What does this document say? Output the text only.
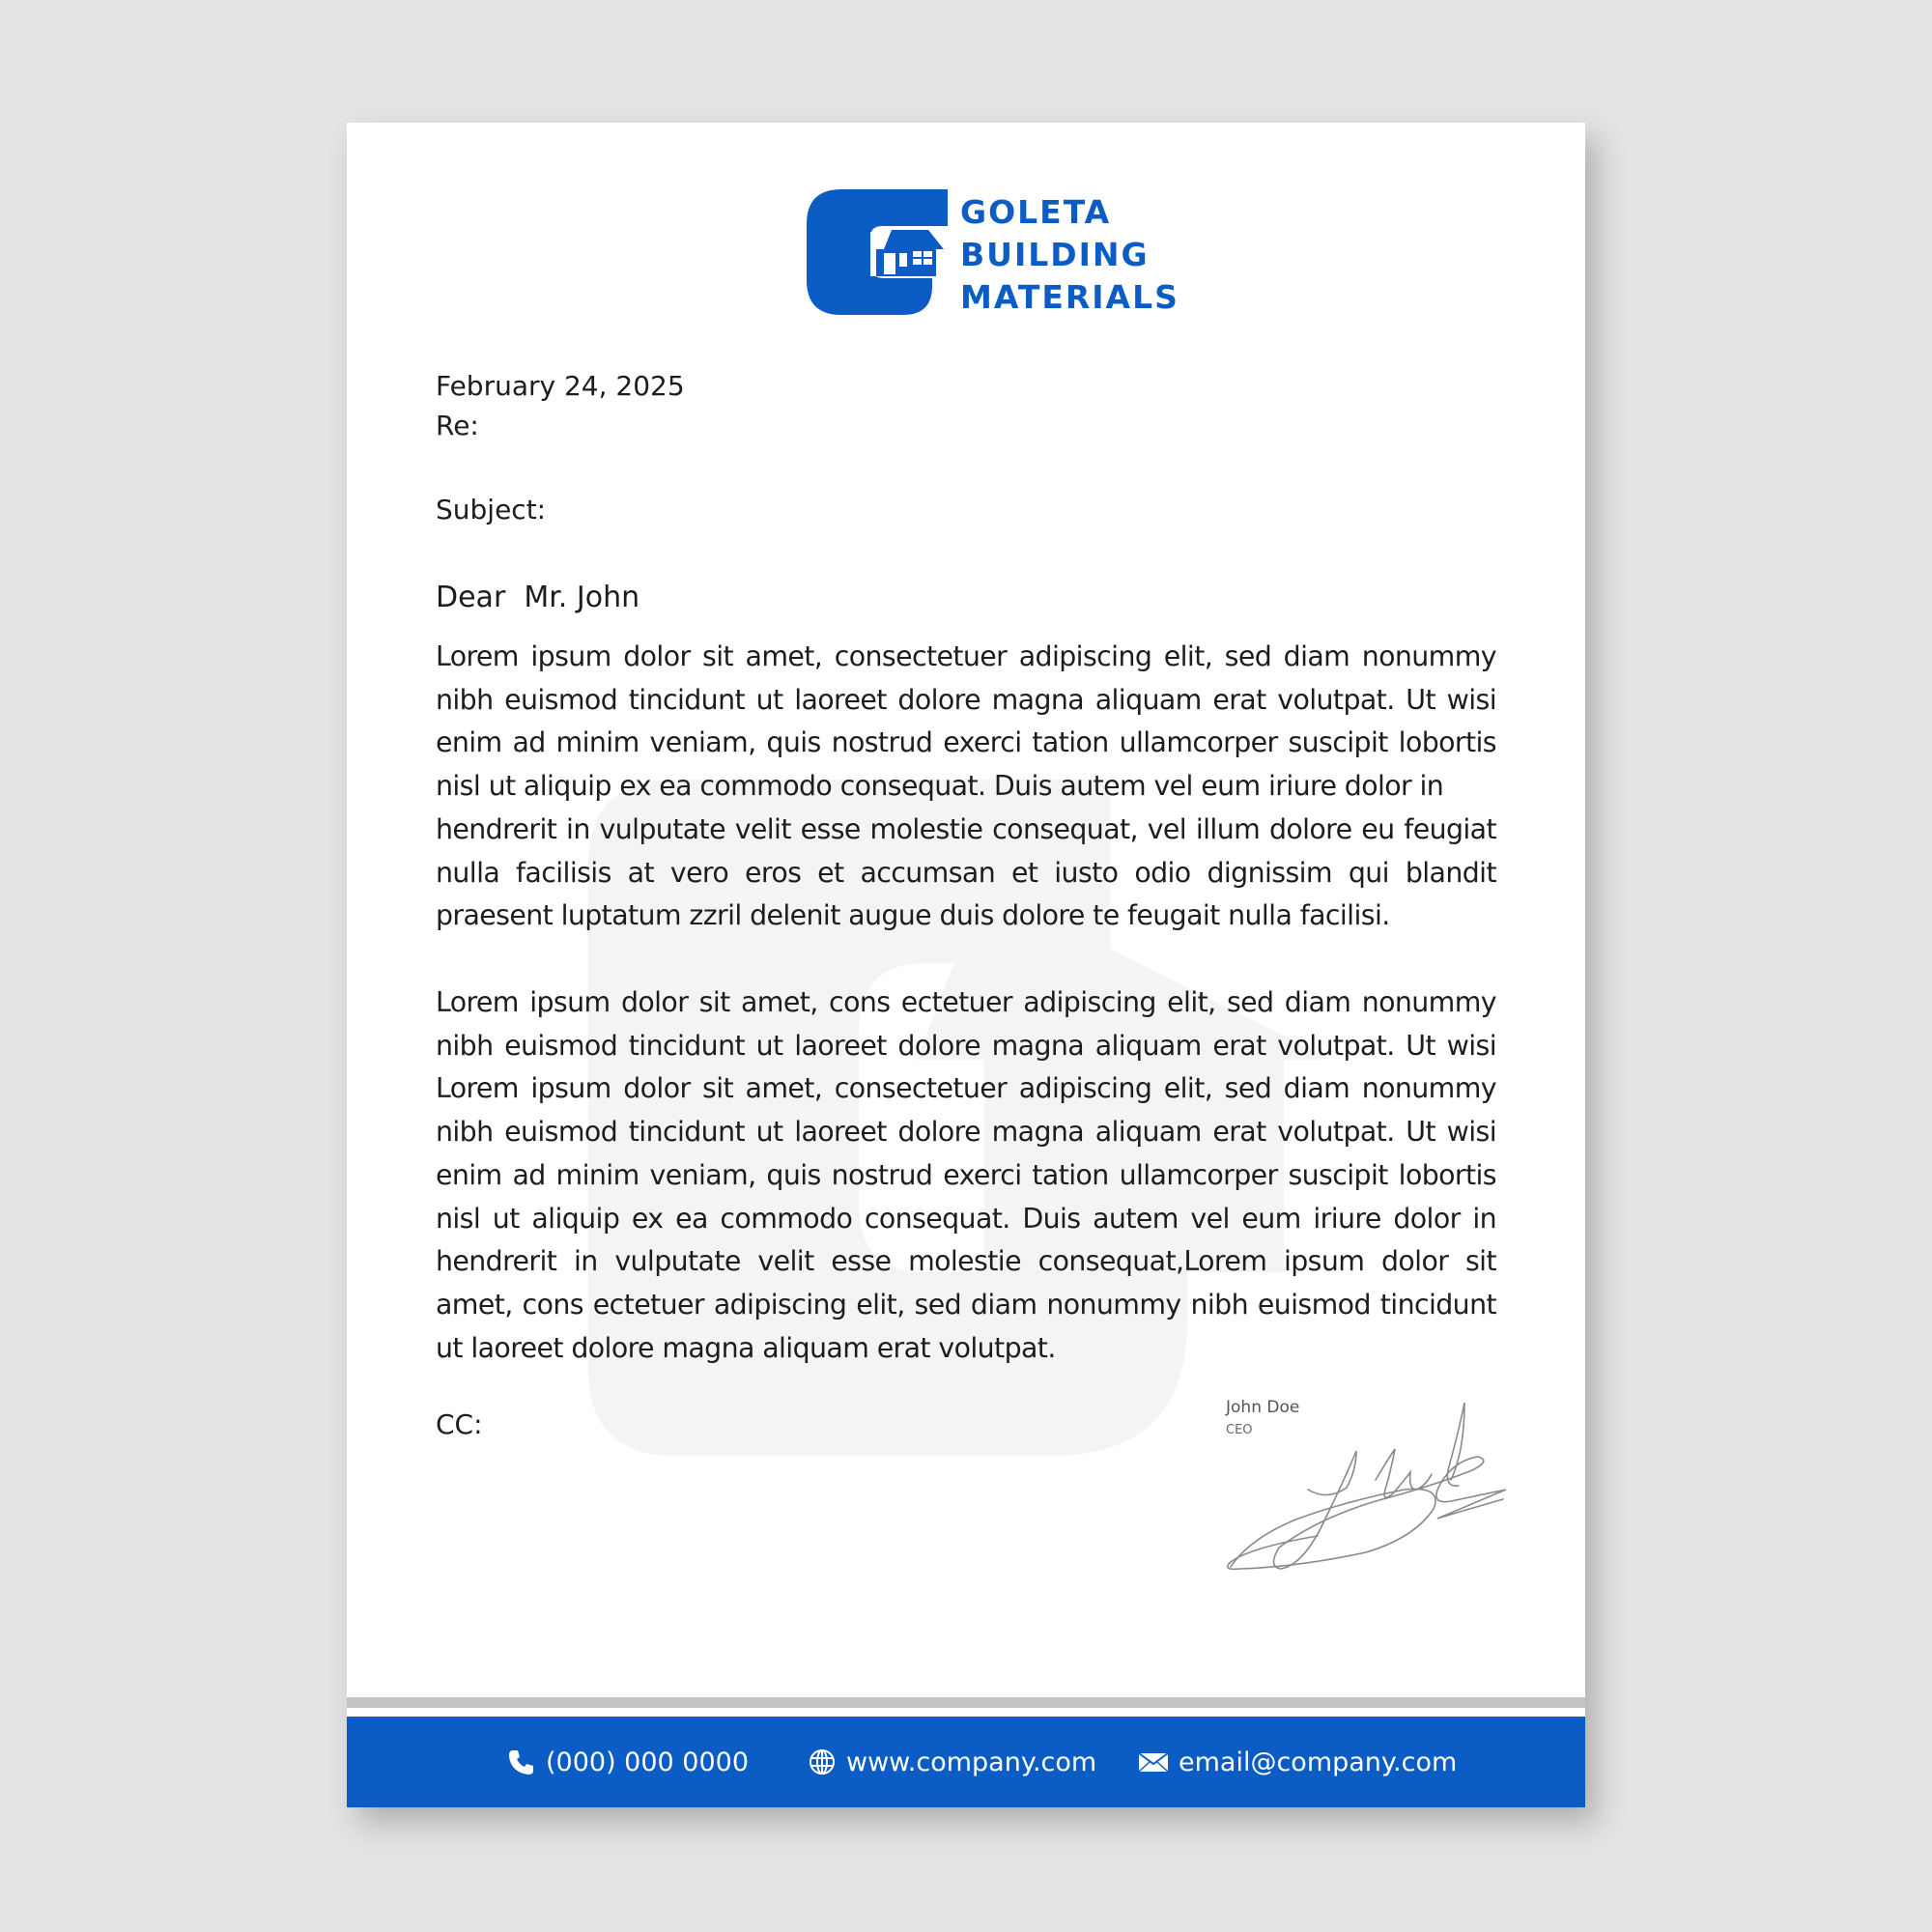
GOLETA
BUILDING
MATERIALS
February 24, 2025
Re:
Subject:
Dear  Mr. John

Lorem ipsum dolor sit amet, consectetuer adipiscing elit, sed diam nonummy nibh euismod tincidunt ut laoreet dolore magna aliquam erat volutpat. Ut wisi enim ad minim veniam, quis nostrud exerci tation ullamcorper suscipit lobortis nisl ut aliquip ex ea commodo consequat. Duis autem vel eum iriure dolor in
hendrerit in vulputate velit esse molestie consequat, vel illum dolore eu feugiat nulla facilisis at vero eros et accumsan et iusto odio dignissim qui blandit praesent luptatum zzril delenit augue duis dolore te feugait nulla facilisi.

Lorem ipsum dolor sit amet, cons ectetuer adipiscing elit, sed diam nonummy nibh euismod tincidunt ut laoreet dolore magna aliquam erat volutpat. Ut wisi Lorem ipsum dolor sit amet, consectetuer adipiscing elit, sed diam nonummy nibh euismod tincidunt ut laoreet dolore magna aliquam erat volutpat. Ut wisi enim ad minim veniam, quis nostrud exerci tation ullamcorper suscipit lobortis nisl ut aliquip ex ea commodo consequat. Duis autem vel eum iriure dolor in hendrerit in vulputate velit esse molestie consequat,Lorem ipsum dolor sit amet, cons ectetuer adipiscing elit, sed diam nonummy nibh euismod tincidunt ut laoreet dolore magna aliquam erat volutpat.

CC:
John Doe
CEO
(000) 000 0000	www.company.com	email@company.com
